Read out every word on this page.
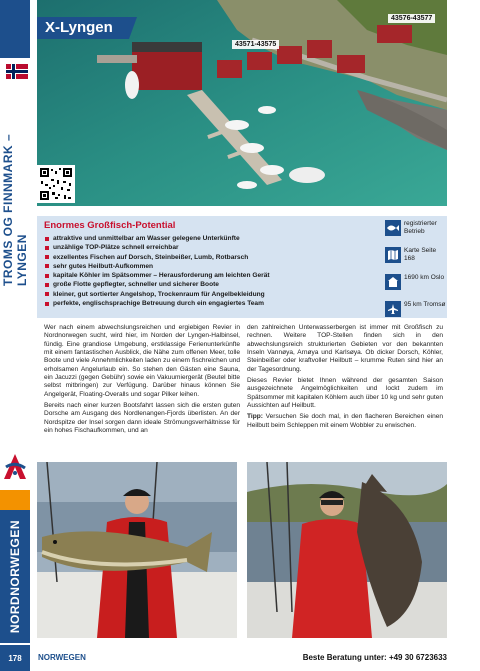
TROMS OG FINNMARK – LYNGEN
NORDNORWEGEN
X-Lyngen
43576-43577
43571-43575
Enormes Großfisch-Potential
attraktive und unmittelbar am Wasser gelegene Unterkünfte
unzählige TOP-Plätze schnell erreichbar
exzellentes Fischen auf Dorsch, Steinbeißer, Lumb, Rotbarsch
sehr gutes Heilbutt-Aufkommen
kapitale Köhler im Spätsommer – Herausforderung am leichten Gerät
große Flotte gepflegter, schneller und sicherer Boote
kleiner, gut sortierter Angelshop, Trockenraum für Angelbekleidung
perfekte, englischsprachige Betreuung durch ein engagiertes Team
registrierter Betrieb
Karte Seite 168
1690 km Oslo
95 km Tromsø

Wer nach einem abwechslungsreichen und ergiebigen Revier in Nordnorwegen sucht, wird hier, im Norden der Lyngen-Halbinsel, fündig. Eine grandiose Umgebung, erstklassige Ferienunterkünfte mit einem fantastischen Ausblick, die Nähe zum offenen Meer, tolle Boote und viele Annehmlichkeiten laden zu einem fischreichen und erholsamen Angelurlaub ein. So stehen den Gästen eine Sauna, ein Jacuzzi (gegen Gebühr) sowie ein Vakuumiergerät (Beutel bitte selbst mitbringen) zur Verfügung. Darüber hinaus können Sie Angelgerät, Floating-Overalls und sogar Pilker leihen.

Bereits nach einer kurzen Bootsfahrt lassen sich die ersten guten Dorsche am Ausgang des Nordlenangen-Fjords überlisten. An der Nordspitze der Insel sorgen dann ideale Strömungsverhältnisse für ein hohes Fischaufkommen, und an

den zahlreichen Unterwasserbergen ist immer mit Großfisch zu rechnen. Weitere TOP-Stellen finden sich in den abwechslungsreich strukturierten Gebieten vor den bekannten Inseln Vannøya, Arnøya und Karlsøya. Ob dicker Dorsch, Köhler, Steinbeißer oder kraftvoller Heilbutt – krumme Ruten sind hier an der Tagesordnung.

Dieses Revier bietet Ihnen während der gesamten Saison ausgezeichnete Angelmöglichkeiten und lockt zudem im Spätsommer mit kapitalen Köhlern auch über 10 kg und sehr guten Aussichten auf Heilbutt.

Tipp: Versuchen Sie doch mal, in den flacheren Bereichen einen Heilbutt beim Schleppen mit einem Wobbler zu erwischen.

178	NORWEGEN	Beste Beratung unter: +49 30 6723633
